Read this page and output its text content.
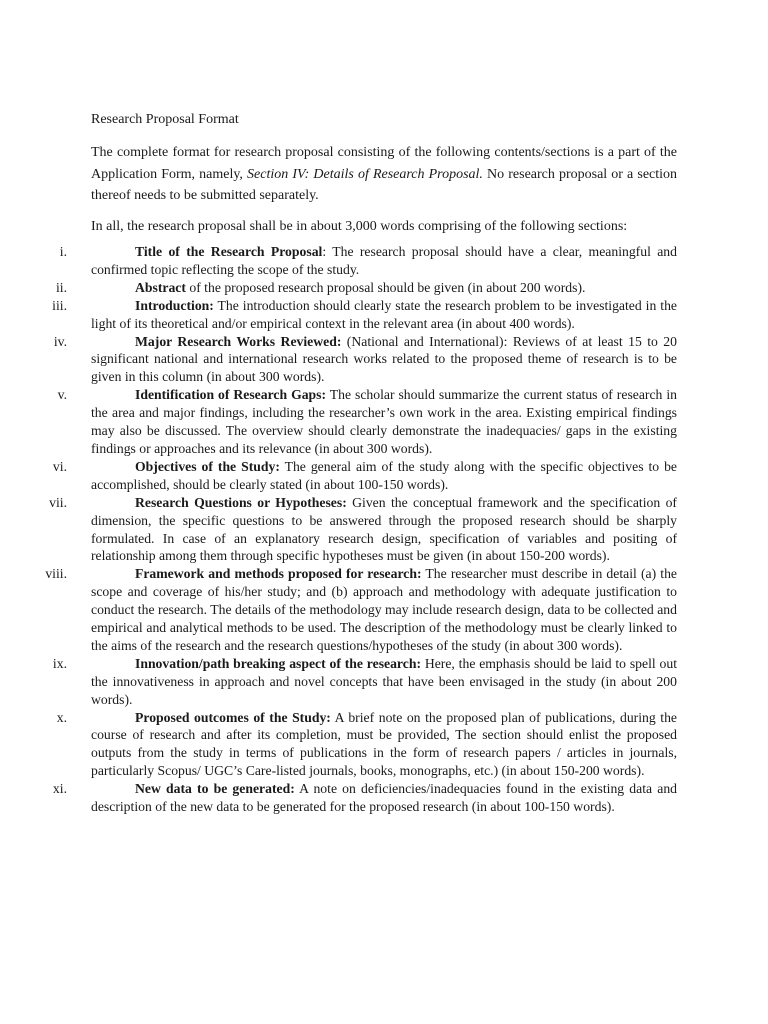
Research Proposal Format

The complete format for research proposal consisting of the following contents/sections is a part of the Application Form, namely, Section IV: Details of Research Proposal. No research proposal or a section thereof needs to be submitted separately.

In all, the research proposal shall be in about 3,000 words comprising of the following sections:

i.	Title of the Research Proposal: The research proposal should have a clear, meaningful and confirmed topic reflecting the scope of the study.
ii.	Abstract of the proposed research proposal should be given (in about 200 words).
iii.	Introduction: The introduction should clearly state the research problem to be investigated in the light of its theoretical and/or empirical context in the relevant area (in about 400 words).
iv.	Major Research Works Reviewed: (National and International): Reviews of at least 15 to 20 significant national and international research works related to the proposed theme of research is to be given in this column (in about 300 words).
v.	Identification of Research Gaps: The scholar should summarize the current status of research in the area and major findings, including the researcher’s own work in the area. Existing empirical findings may also be discussed. The overview should clearly demonstrate the inadequacies/ gaps in the existing findings or approaches and its relevance (in about 300 words).
vi.	Objectives of the Study: The general aim of the study along with the specific objectives to be accomplished, should be clearly stated (in about 100-150 words).
vii.	Research Questions or Hypotheses: Given the conceptual framework and the specification of dimension, the specific questions to be answered through the proposed research should be sharply formulated. In case of an explanatory research design, specification of variables and positing of relationship among them through specific hypotheses must be given (in about 150-200 words).
viii.	Framework and methods proposed for research: The researcher must describe in detail (a) the scope and coverage of his/her study; and (b) approach and methodology with adequate justification to conduct the research. The details of the methodology may include research design, data to be collected and empirical and analytical methods to be used. The description of the methodology must be clearly linked to the aims of the research and the research questions/hypotheses of the study (in about 300 words).
ix.	Innovation/path breaking aspect of the research: Here, the emphasis should be laid to spell out the innovativeness in approach and novel concepts that have been envisaged in the study (in about 200 words).
x.	Proposed outcomes of the Study: A brief note on the proposed plan of publications, during the course of research and after its completion, must be provided, The section should enlist the proposed outputs from the study in terms of publications in the form of research papers / articles in journals, particularly Scopus/ UGC’s Care-listed journals, books, monographs, etc.) (in about 150-200 words).
xi.	New data to be generated: A note on deficiencies/inadequacies found in the existing data and description of the new data to be generated for the proposed research (in about 100-150 words).
